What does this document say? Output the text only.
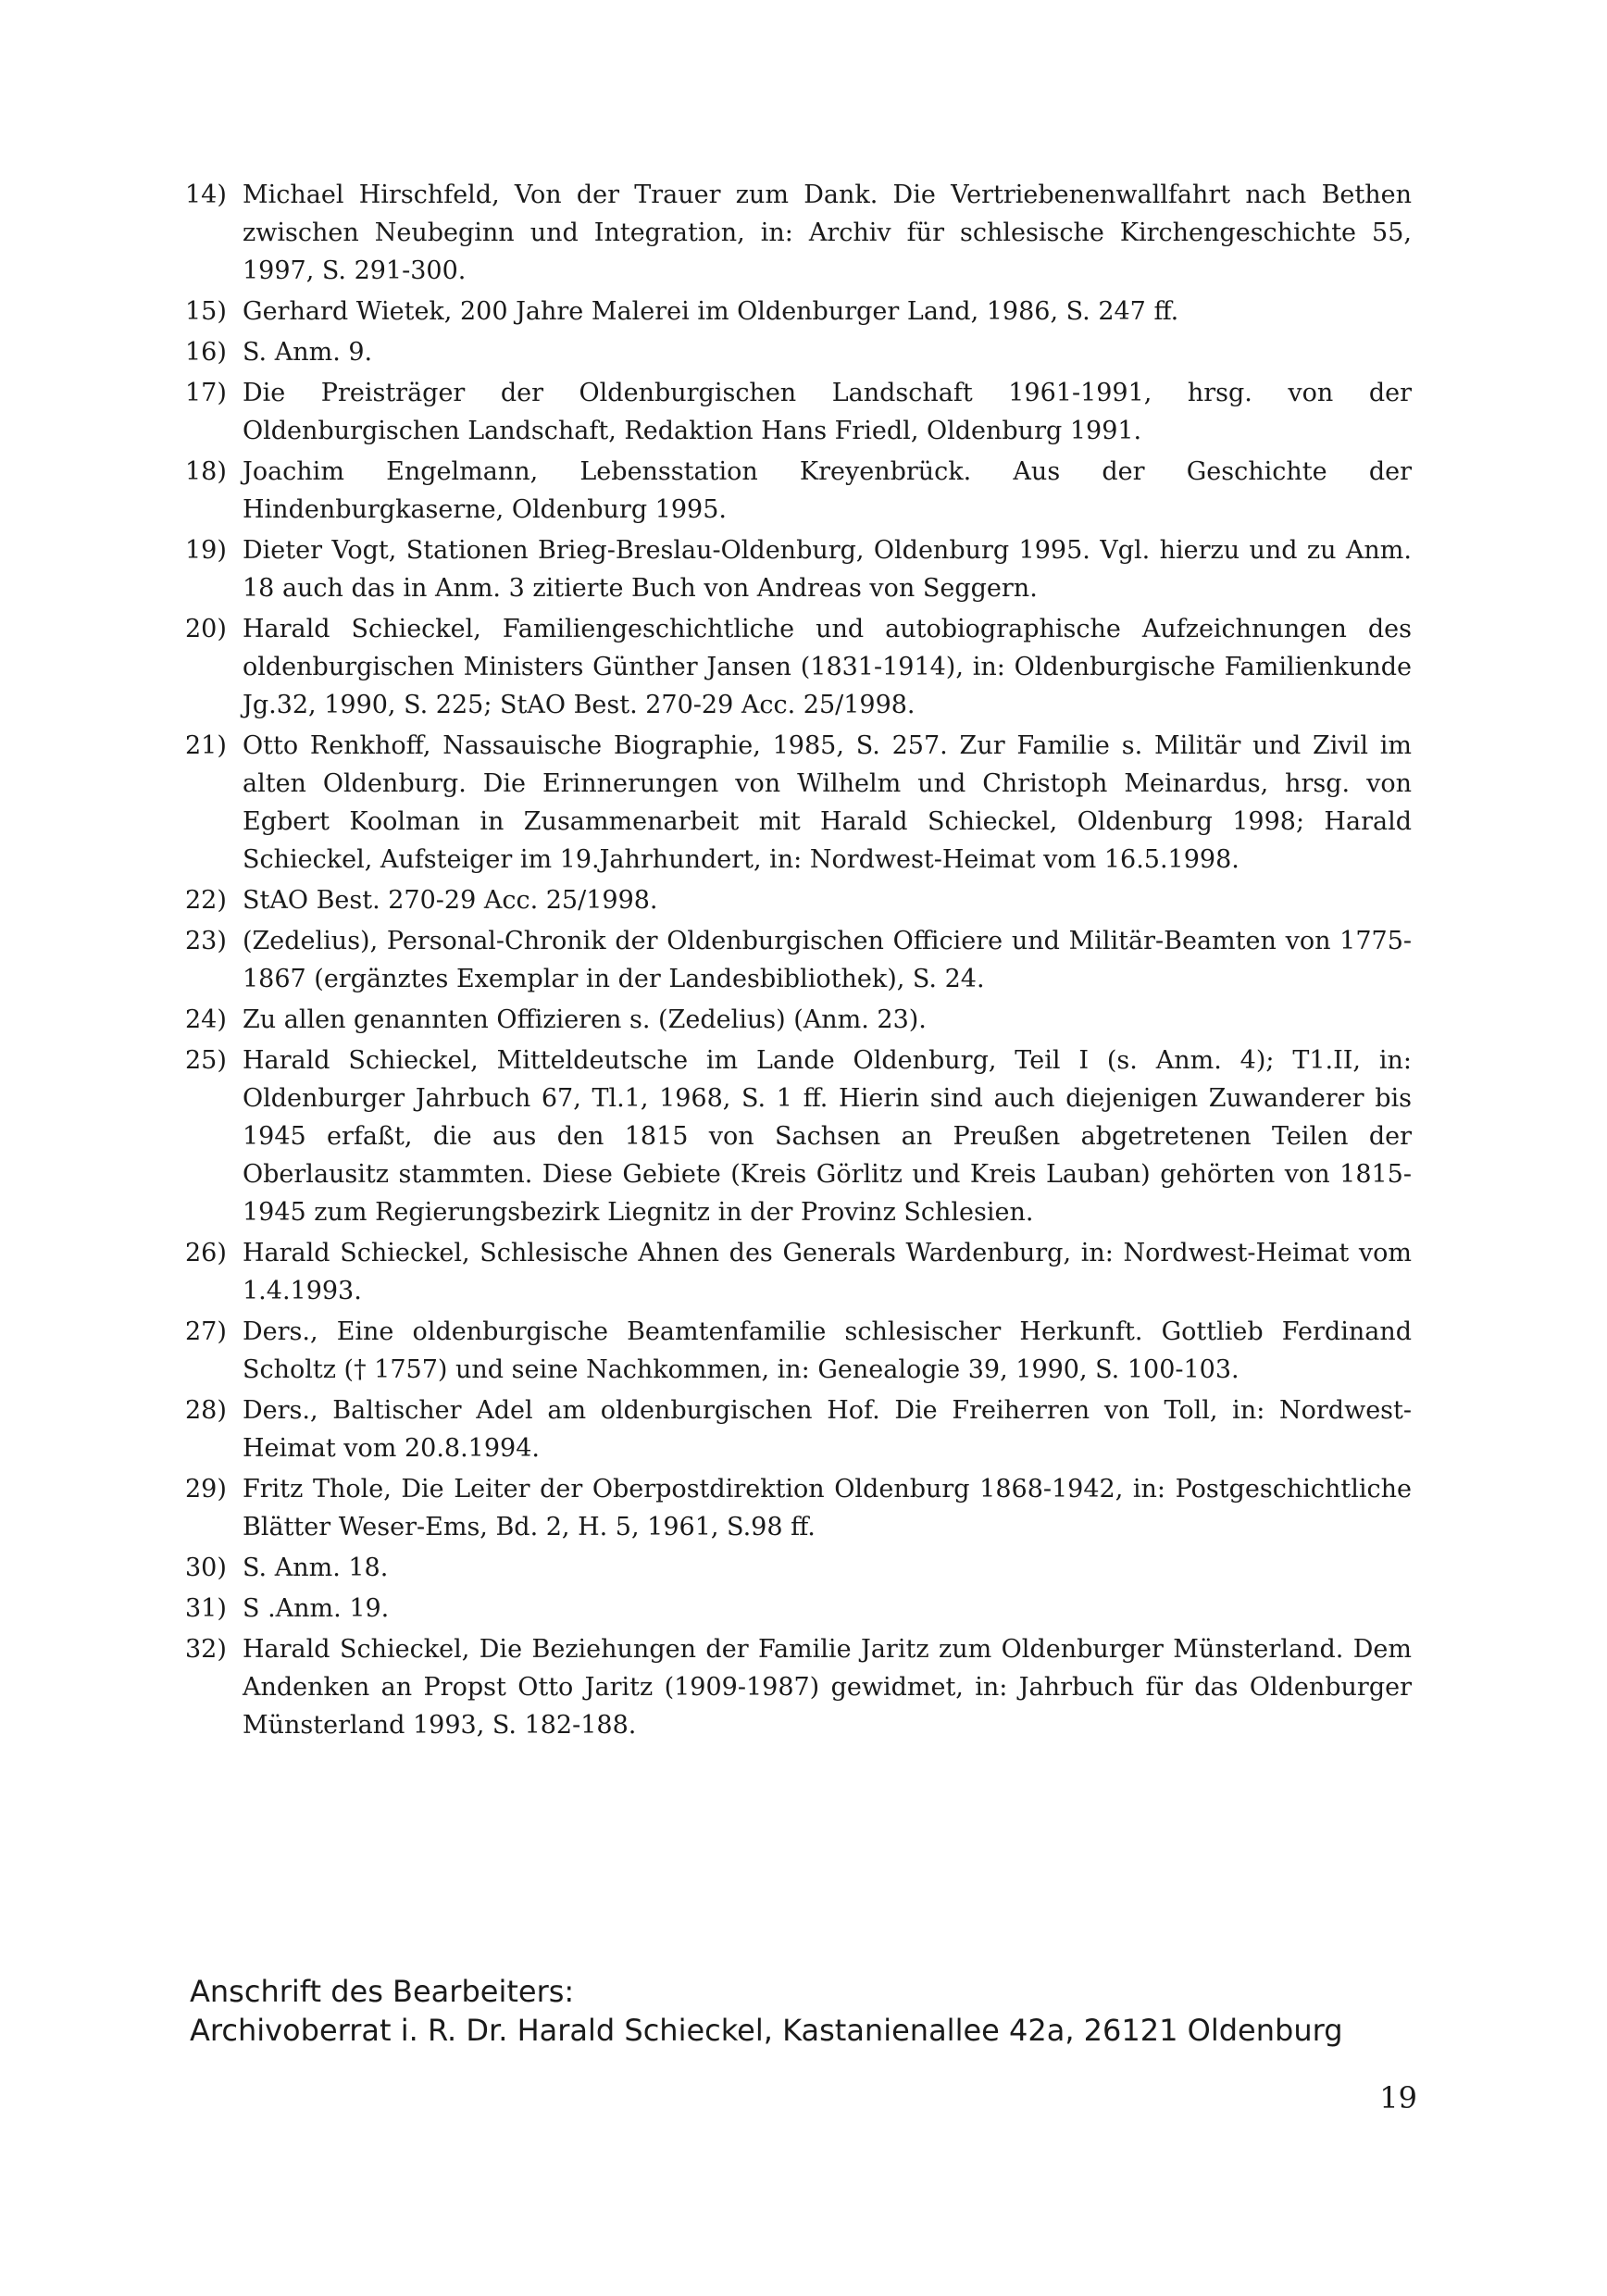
14) Michael Hirschfeld, Von der Trauer zum Dank. Die Vertriebenenwallfahrt nach Bethen zwischen Neubeginn und Integration, in: Archiv für schlesische Kirchengeschichte 55, 1997, S. 291-300.
15) Gerhard Wietek, 200 Jahre Malerei im Oldenburger Land, 1986, S. 247 ff.
16) S. Anm. 9.
17) Die Preisträger der Oldenburgischen Landschaft 1961-1991, hrsg. von der Oldenburgischen Landschaft, Redaktion Hans Friedl, Oldenburg 1991.
18) Joachim Engelmann, Lebensstation Kreyenbrück. Aus der Geschichte der Hindenburgkaserne, Oldenburg 1995.
19) Dieter Vogt, Stationen Brieg-Breslau-Oldenburg, Oldenburg 1995. Vgl. hierzu und zu Anm. 18 auch das in Anm. 3 zitierte Buch von Andreas von Seggern.
20) Harald Schieckel, Familiengeschichtliche und autobiographische Aufzeichnungen des oldenburgischen Ministers Günther Jansen (1831-1914), in: Oldenburgische Familienkunde Jg.32, 1990, S. 225; StAO Best. 270-29 Acc. 25/1998.
21) Otto Renkhoff, Nassauische Biographie, 1985, S. 257. Zur Familie s. Militär und Zivil im alten Oldenburg. Die Erinnerungen von Wilhelm und Christoph Meinardus, hrsg. von Egbert Koolman in Zusammenarbeit mit Harald Schieckel, Oldenburg 1998; Harald Schieckel, Aufsteiger im 19.Jahrhundert, in: Nordwest-Heimat vom 16.5.1998.
22) StAO Best. 270-29 Acc. 25/1998.
23) (Zedelius), Personal-Chronik der Oldenburgischen Officiere und Militär-Beamten von 1775-1867 (ergänztes Exemplar in der Landesbibliothek), S. 24.
24) Zu allen genannten Offizieren s. (Zedelius) (Anm. 23).
25) Harald Schieckel, Mitteldeutsche im Lande Oldenburg, Teil I (s. Anm. 4); T1.II, in: Oldenburger Jahrbuch 67, Tl.1, 1968, S. 1 ff. Hierin sind auch diejenigen Zuwanderer bis 1945 erfaßt, die aus den 1815 von Sachsen an Preußen abgetretenen Teilen der Oberlausitz stammten. Diese Gebiete (Kreis Görlitz und Kreis Lauban) gehörten von 1815-1945 zum Regierungsbezirk Liegnitz in der Provinz Schlesien.
26) Harald Schieckel, Schlesische Ahnen des Generals Wardenburg, in: Nordwest-Heimat vom 1.4.1993.
27) Ders., Eine oldenburgische Beamtenfamilie schlesischer Herkunft. Gottlieb Ferdinand Scholtz († 1757) und seine Nachkommen, in: Genealogie 39, 1990, S. 100-103.
28) Ders., Baltischer Adel am oldenburgischen Hof. Die Freiherren von Toll, in: Nordwest-Heimat vom 20.8.1994.
29) Fritz Thole, Die Leiter der Oberpostdirektion Oldenburg 1868-1942, in: Postgeschichtliche Blätter Weser-Ems, Bd. 2, H. 5, 1961, S.98 ff.
30) S. Anm. 18.
31) S .Anm. 19.
32) Harald Schieckel, Die Beziehungen der Familie Jaritz zum Oldenburger Münsterland. Dem Andenken an Propst Otto Jaritz (1909-1987) gewidmet, in: Jahrbuch für das Oldenburger Münsterland 1993, S. 182-188.
Anschrift des Bearbeiters:
Archivoberrat i. R. Dr. Harald Schieckel, Kastanienallee 42a, 26121 Oldenburg
19
